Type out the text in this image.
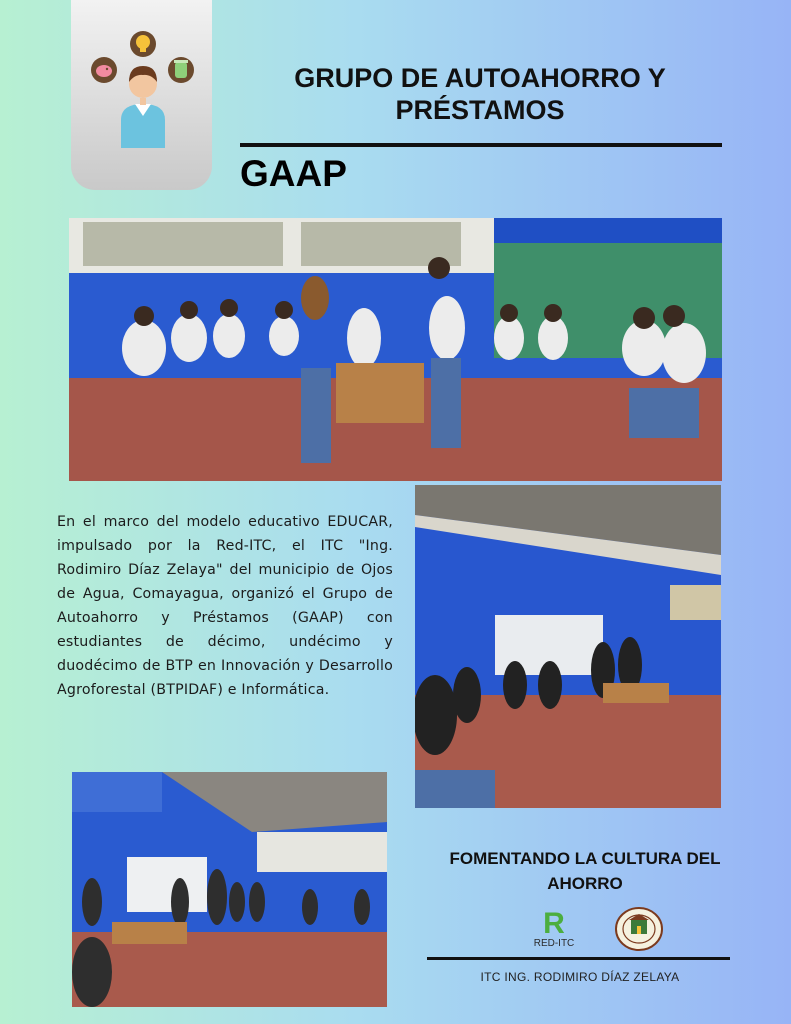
GRUPO DE AUTOAHORRO Y PRÉSTAMOS
GAAP
En el marco del modelo educativo EDUCAR, impulsado por la Red-ITC, el ITC "Ing. Rodimiro Díaz Zelaya" del municipio de Ojos de Agua, Comayagua, organizó el Grupo de Autoahorro y Préstamos (GAAP) con estudiantes de décimo, undécimo y duodécimo de BTP en Innovación y Desarrollo Agroforestal (BTPIDAF) e Informática.
FOMENTANDO LA CULTURA DEL AHORRO
R
RED-ITC
ITC ING. RODIMIRO DÍAZ ZELAYA
